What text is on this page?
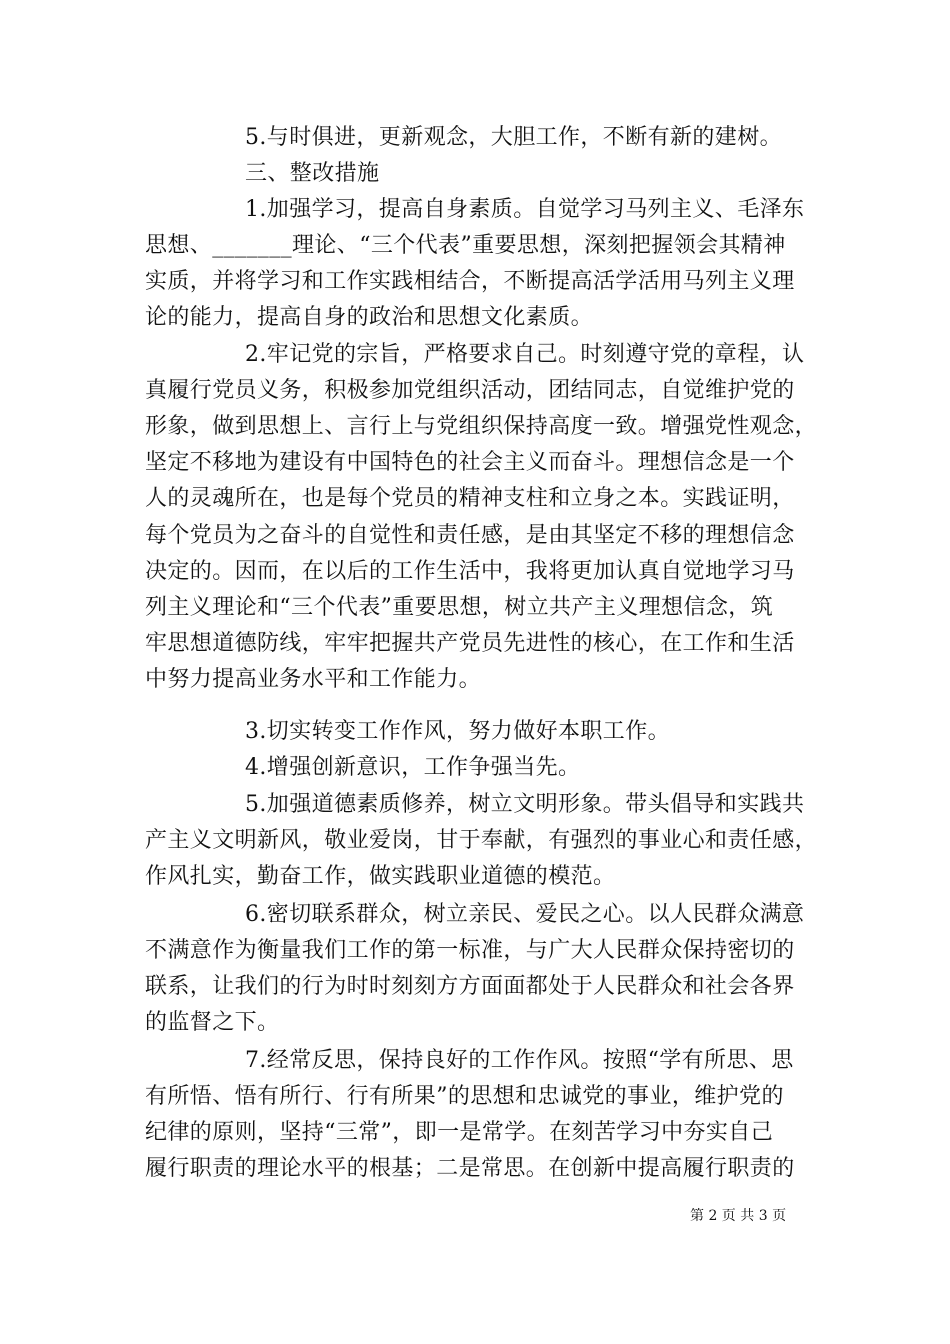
5.与时俱进，更新观念，大胆工作，不断有新的建树。
三、整改措施
1.加强学习，提高自身素质。自觉学习马列主义、毛泽东
思想、_______理论、“三个代表”重要思想，深刻把握领会其精神
实质，并将学习和工作实践相结合，不断提高活学活用马列主义理
论的能力，提高自身的政治和思想文化素质。
2.牢记党的宗旨，严格要求自己。时刻遵守党的章程，认
真履行党员义务，积极参加党组织活动，团结同志，自觉维护党的
形象，做到思想上、言行上与党组织保持高度一致。增强党性观念，
坚定不移地为建设有中国特色的社会主义而奋斗。理想信念是一个
人的灵魂所在，也是每个党员的精神支柱和立身之本。实践证明，
每个党员为之奋斗的自觉性和责任感，是由其坚定不移的理想信念
决定的。因而，在以后的工作生活中，我将更加认真自觉地学习马
列主义理论和“三个代表”重要思想，树立共产主义理想信念，筑
牢思想道德防线，牢牢把握共产党员先进性的核心，在工作和生活
中努力提高业务水平和工作能力。
3.切实转变工作作风，努力做好本职工作。
4.增强创新意识，工作争强当先。
5.加强道德素质修养，树立文明形象。带头倡导和实践共
产主义文明新风，敬业爱岗，甘于奉献，有强烈的事业心和责任感，
作风扎实，勤奋工作，做实践职业道德的模范。
6.密切联系群众，树立亲民、爱民之心。以人民群众满意
不满意作为衡量我们工作的第一标准，与广大人民群众保持密切的
联系，让我们的行为时时刻刻方方面面都处于人民群众和社会各界
的监督之下。
7.经常反思，保持良好的工作作风。按照“学有所思、思
有所悟、悟有所行、行有所果”的思想和忠诚党的事业，维护党的
纪律的原则，坚持“三常”，即一是常学。在刻苦学习中夯实自己
履行职责的理论水平的根基；二是常思。在创新中提高履行职责的
第 2 页 共 3 页
